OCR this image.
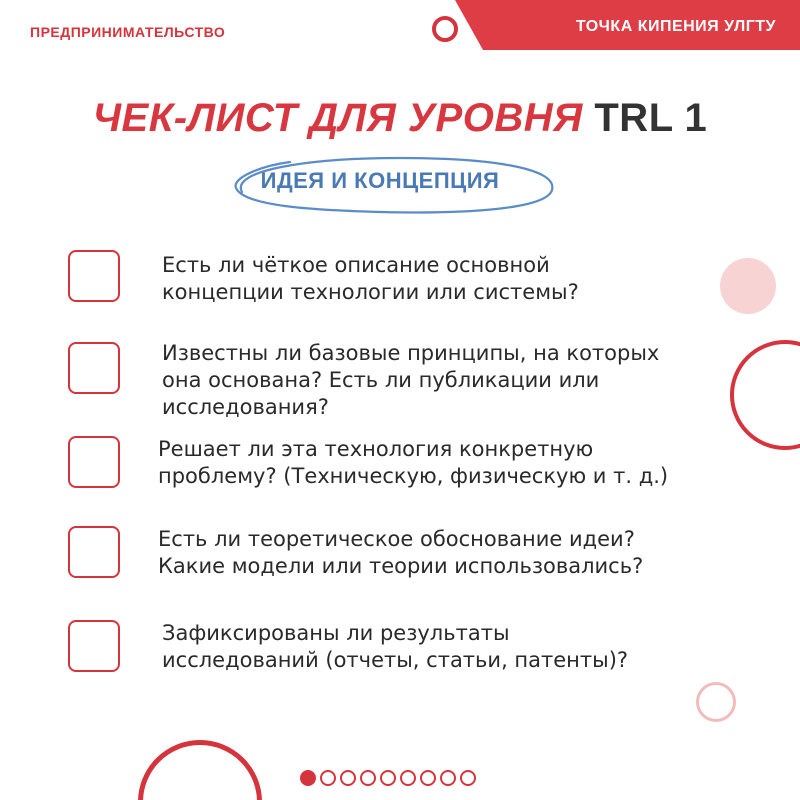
ПРЕДПРИНИМАТЕЛЬСТВО	ТОЧКА КИПЕНИЯ УЛГТУ
ЧЕК-ЛИСТ ДЛЯ УРОВНЯ TRL 1
ИДЕЯ И КОНЦЕПЦИЯ
Есть ли чёткое описание основной
концепции технологии или системы?
Известны ли базовые принципы, на которых
она основана? Есть ли публикации или
исследования?
Решает ли эта технология конкретную
проблему? (Техническую, физическую и т. д.)
Есть ли теоретическое обоснование идеи?
Какие модели или теории использовались?
Зафиксированы ли результаты
исследований (отчеты, статьи, патенты)?
